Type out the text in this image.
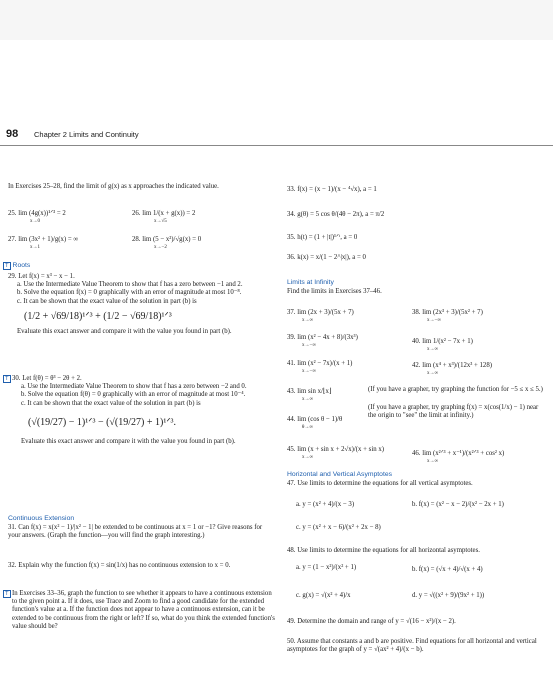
98 Chapter 2 Limits and Continuity

In Exercises 25–28, find the limit of g(x) as x approaches the indicated value.

25. lim (4g(x))¹ᐟ³ = 2
x→0
26. lim 1/(x + g(x)) = 2
x→√5
27. lim (3x² + 1)/g(x) = ∞
x→1
28. lim (5 − x²)/√g(x) = 0
x→−2
T Roots

29. Let f(x) = x³ − x − 1.

a. Use the Intermediate Value Theorem to show that f has a zero between −1 and 2.

b. Solve the equation f(x) = 0 graphically with an error of magnitude at most 10⁻⁸.

c. It can be shown that the exact value of the solution in part (b) is

(1/2 + √69/18)¹ᐟ³ + (1/2 − √69/18)¹ᐟ³

Evaluate this exact answer and compare it with the value you found in part (b).

T 30. Let f(θ) = θ³ − 2θ + 2.

a. Use the Intermediate Value Theorem to show that f has a zero between −2 and 0.

b. Solve the equation f(θ) = 0 graphically with an error of magnitude at most 10⁻⁴.

c. It can be shown that the exact value of the solution in part (b) is

(√(19/27) − 1)¹ᐟ³ − (√(19/27) + 1)¹ᐟ³.

Evaluate this exact answer and compare it with the value you found in part (b).

Continuous Extension

31. Can f(x) = x(x² − 1)/|x² − 1| be extended to be continuous at x = 1 or −1? Give reasons for your answers. (Graph the function—you will find the graph interesting.)

32. Explain why the function f(x) = sin(1/x) has no continuous extension to x = 0.

T In Exercises 33–36, graph the function to see whether it appears to have a continuous extension to the given point a. If it does, use Trace and Zoom to find a good candidate for the extended function's value at a. If the function does not appear to have a continuous extension, can it be extended to be continuous from the right or left? If so, what do you think the extended function's value should be?

33. f(x) = (x − 1)/(x − ⁴√x), a = 1
34. g(θ) = 5 cos θ/(4θ − 2π), a = π/2
35. h(t) = (1 + |t|)¹ᐟᵗ, a = 0
36. k(x) = x/(1 − 2^|x|), a = 0
Limits at Infinity
Find the limits in Exercises 37–46.
37. lim (2x + 3)/(5x + 7)
x→∞
38. lim (2x³ + 3)/(5x² + 7)
x→−∞
39. lim (x² − 4x + 8)/(3x³)
x→−∞
40. lim 1/(x² − 7x + 1)
x→∞
41. lim (x² − 7x)/(x + 1)
x→−∞
42. lim (x⁴ + x³)/(12x³ + 128)
x→∞
43. lim sin x/⌊x⌋
x→∞
(If you have a grapher, try graphing the function for −5 ≤ x ≤ 5.)
44. lim (cos θ − 1)/θ
θ→∞
(If you have a grapher, try graphing f(x) = x(cos(1/x) − 1) near the origin to "see" the limit at infinity.)
45. lim (x + sin x + 2√x)/(x + sin x)
x→∞
46. lim (x²ᐟ³ + x⁻¹)/(x²ᐟ³ + cos² x)
x→∞
Horizontal and Vertical Asymptotes
47. Use limits to determine the equations for all vertical asymptotes.
a. y = (x² + 4)/(x − 3)	b. f(x) = (x² − x − 2)/(x² − 2x + 1)
c. y = (x² + x − 6)/(x² + 2x − 8)
48. Use limits to determine the equations for all horizontal asymptotes.
a. y = (1 − x²)/(x² + 1)	b. f(x) = (√x + 4)/√(x + 4)
c. g(x) = √(x² + 4)/x	d. y = √((x² + 9)/(9x² + 1))
49. Determine the domain and range of y = √(16 − x²)/(x − 2).
50. Assume that constants a and b are positive. Find equations for all horizontal and vertical asymptotes for the graph of y = √(ax² + 4)/(x − b).
